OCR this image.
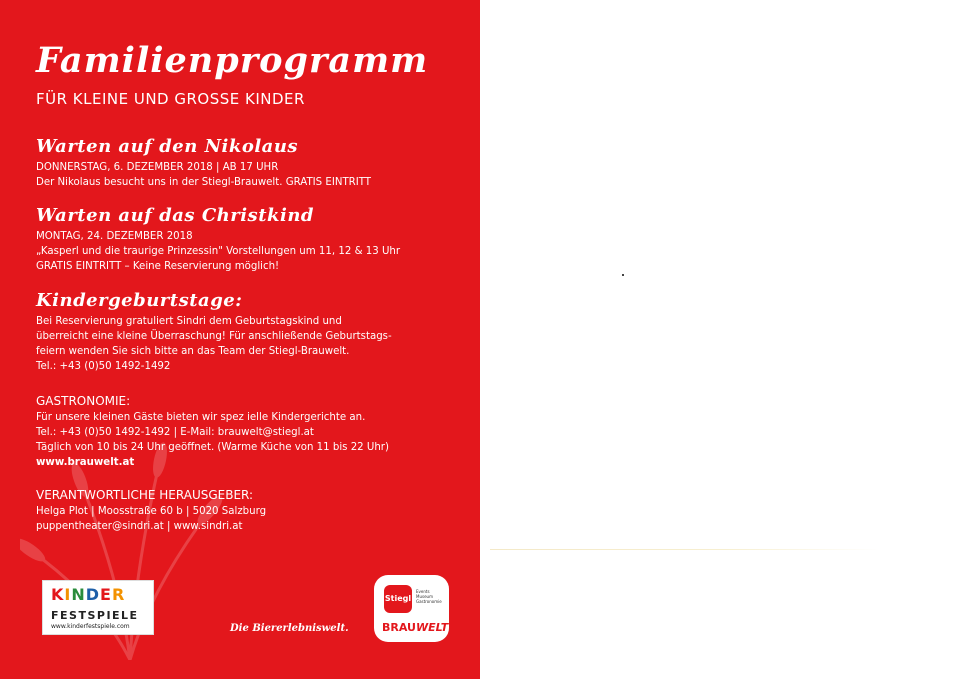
Familienprogramm
FÜR KLEINE UND GROSSE KINDER
Warten auf den Nikolaus
DONNERSTAG, 6. DEZEMBER 2018 | AB 17 UHR
Der Nikolaus besucht uns in der Stiegl-Brauwelt. GRATIS EINTRITT
Warten auf das Christkind
MONTAG, 24. DEZEMBER 2018
„Kasperl und die traurige Prinzessin" Vorstellungen um 11, 12 & 13 Uhr
GRATIS EINTRITT – Keine Reservierung möglich!
Kindergeburtstage:
Bei Reservierung gratuliert Sindri dem Geburtstagskind und
überreicht eine kleine Überraschung! Für anschließende Geburtstags-
feiern wenden Sie sich bitte an das Team der Stiegl-Brauwelt.
Tel.: +43 (0)50 1492-1492
GASTRONOMIE:
Für unsere kleinen Gäste bieten wir spez ielle Kindergerichte an.
Tel.: +43 (0)50 1492-1492 | E-Mail: brauwelt@stiegl.at
Täglich von 10 bis 24 Uhr geöffnet. (Warme Küche von 11 bis 22 Uhr)
www.brauwelt.at
VERANTWORTLICHE HERAUSGEBER:
Helga Plot | Moosstraße 60 b | 5020 Salzburg
puppentheater@sindri.at | www.sindri.at
KINDER
FESTSPIELE
www.kinderfestspiele.com	Die Biererlebniswelt.
Stiegl
Events Museum Gastronomie
BRAUWELT
